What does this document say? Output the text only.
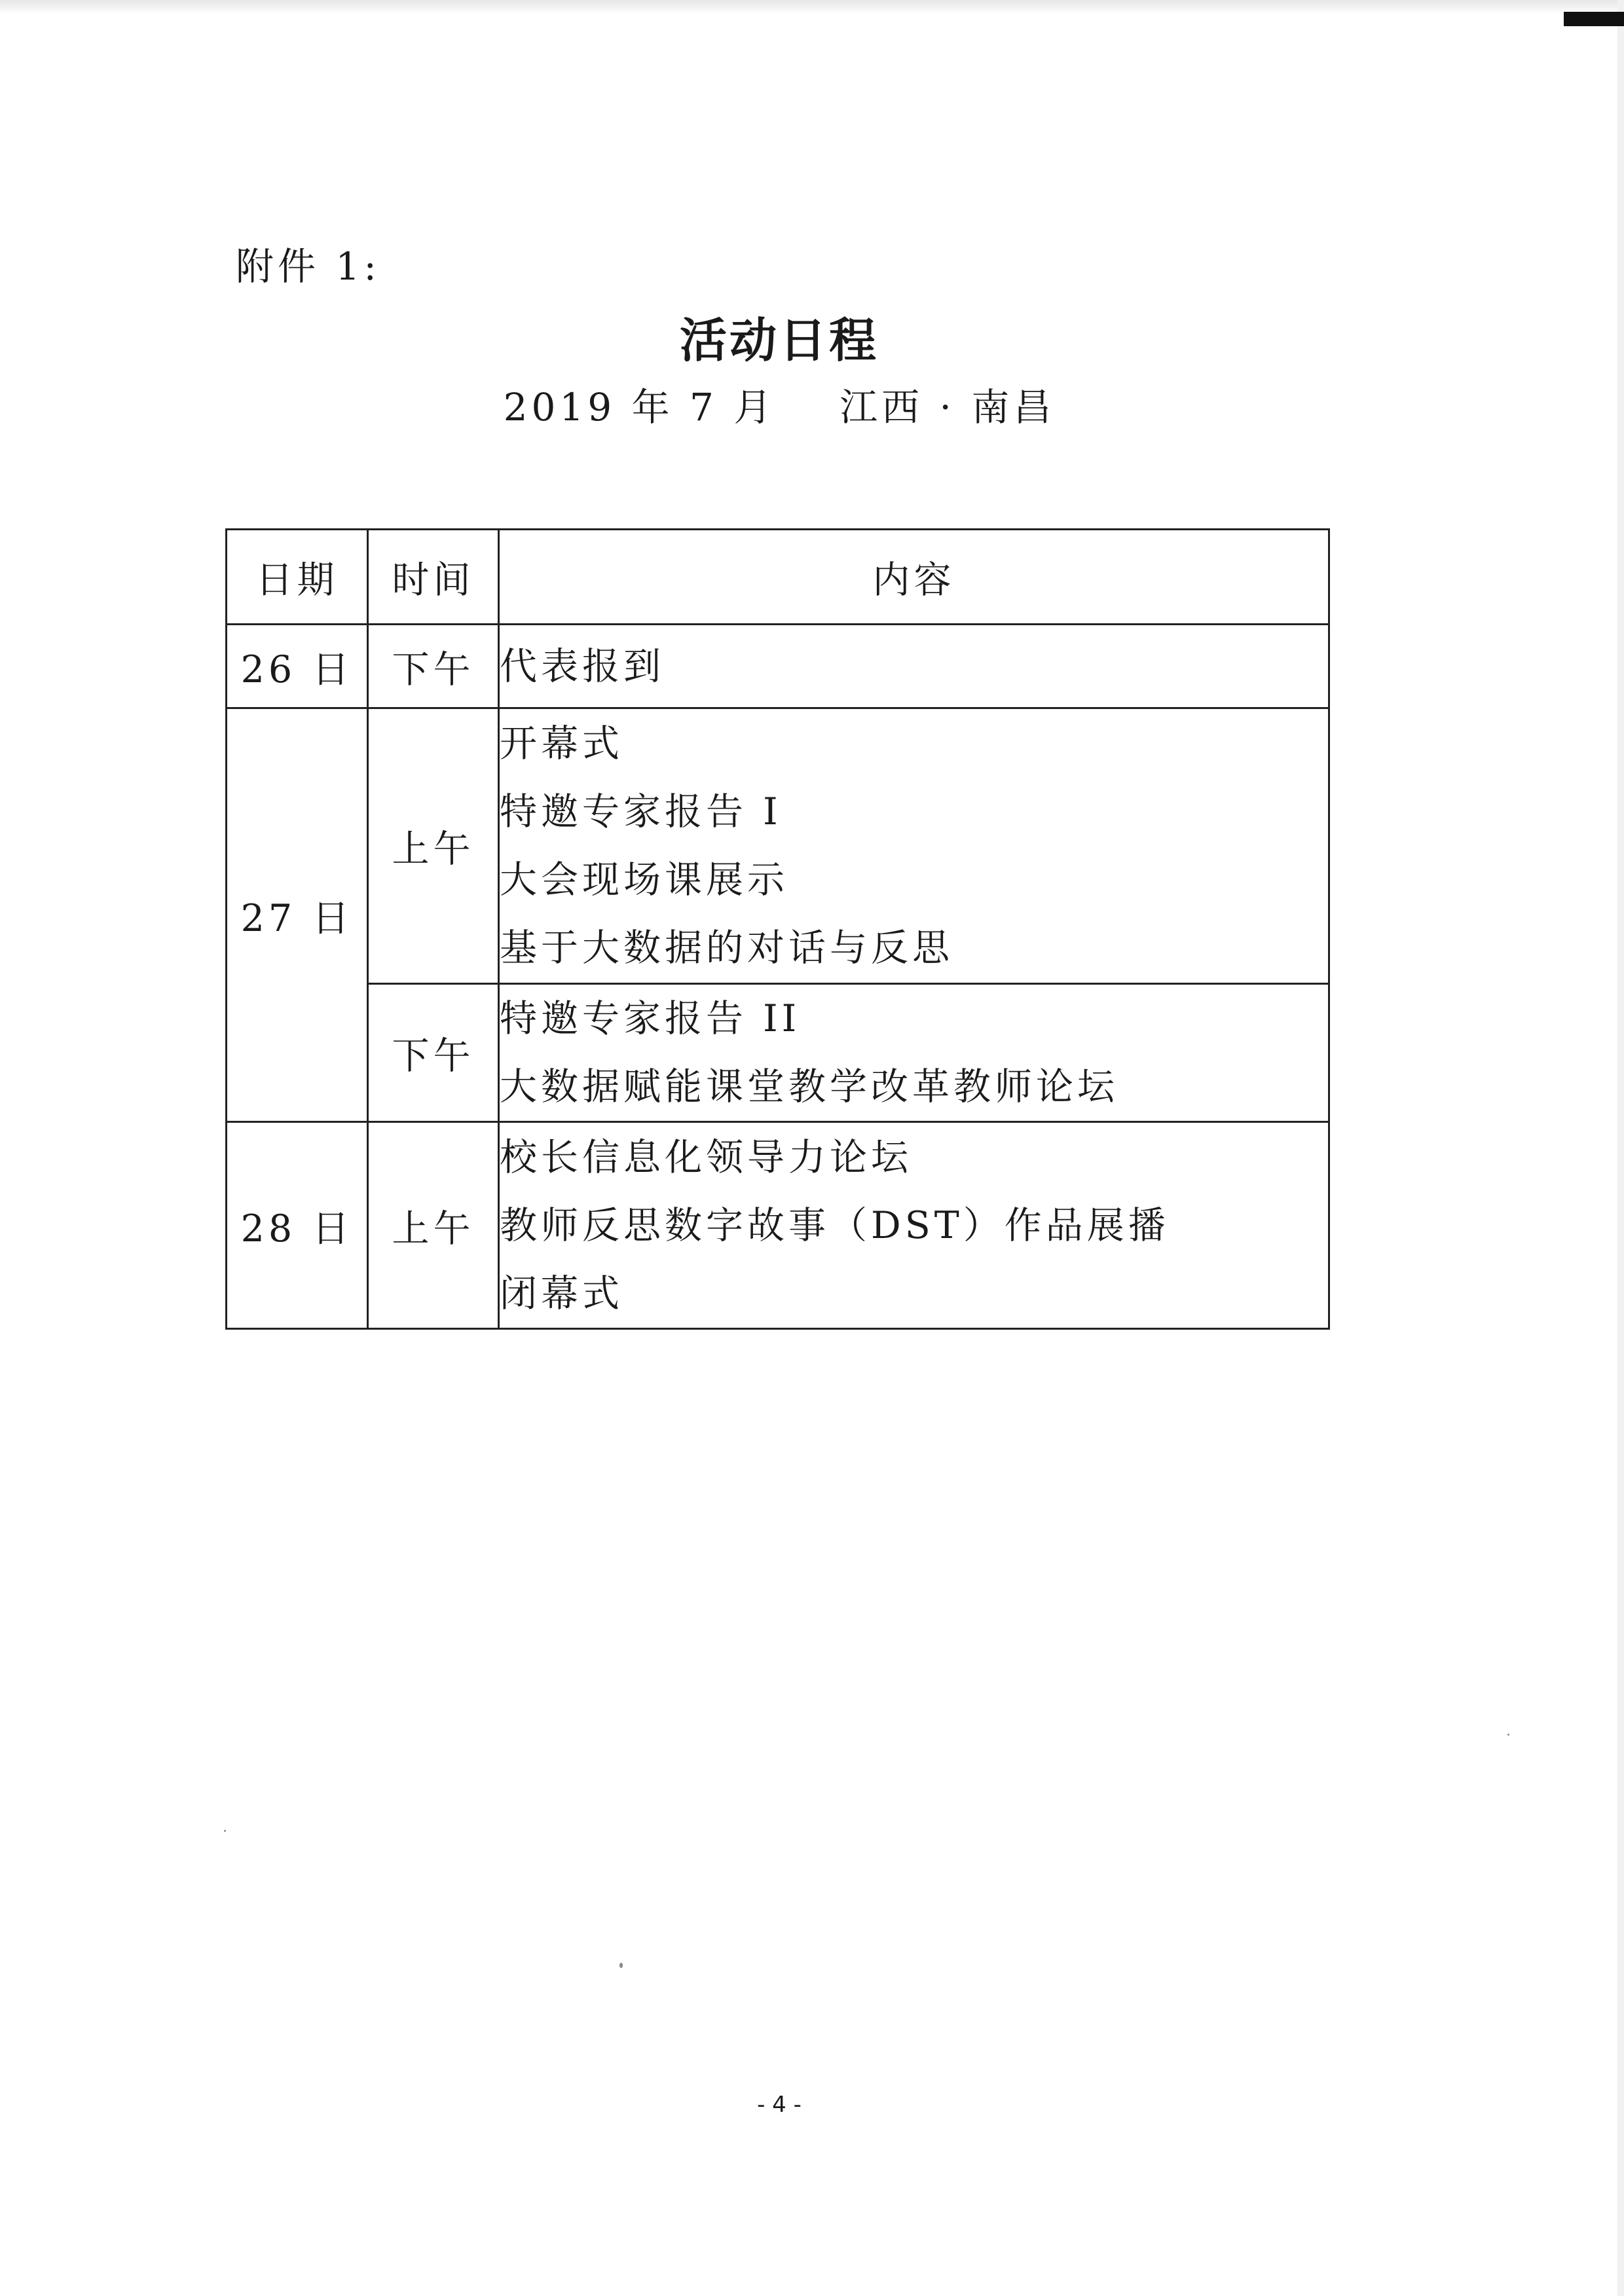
附件 1:
活动日程
2019 年 7 月    江西 · 南昌
日期	时间	内容
26 日	下午	代表报到

27 日	上午	开幕式
特邀专家报告 I
大会现场课展示
基于大数据的对话与反思

	下午	特邀专家报告 II
大数据赋能课堂教学改革教师论坛

28 日	上午	校长信息化领导力论坛
教师反思数字故事（DST）作品展播
闭幕式
- 4 -
